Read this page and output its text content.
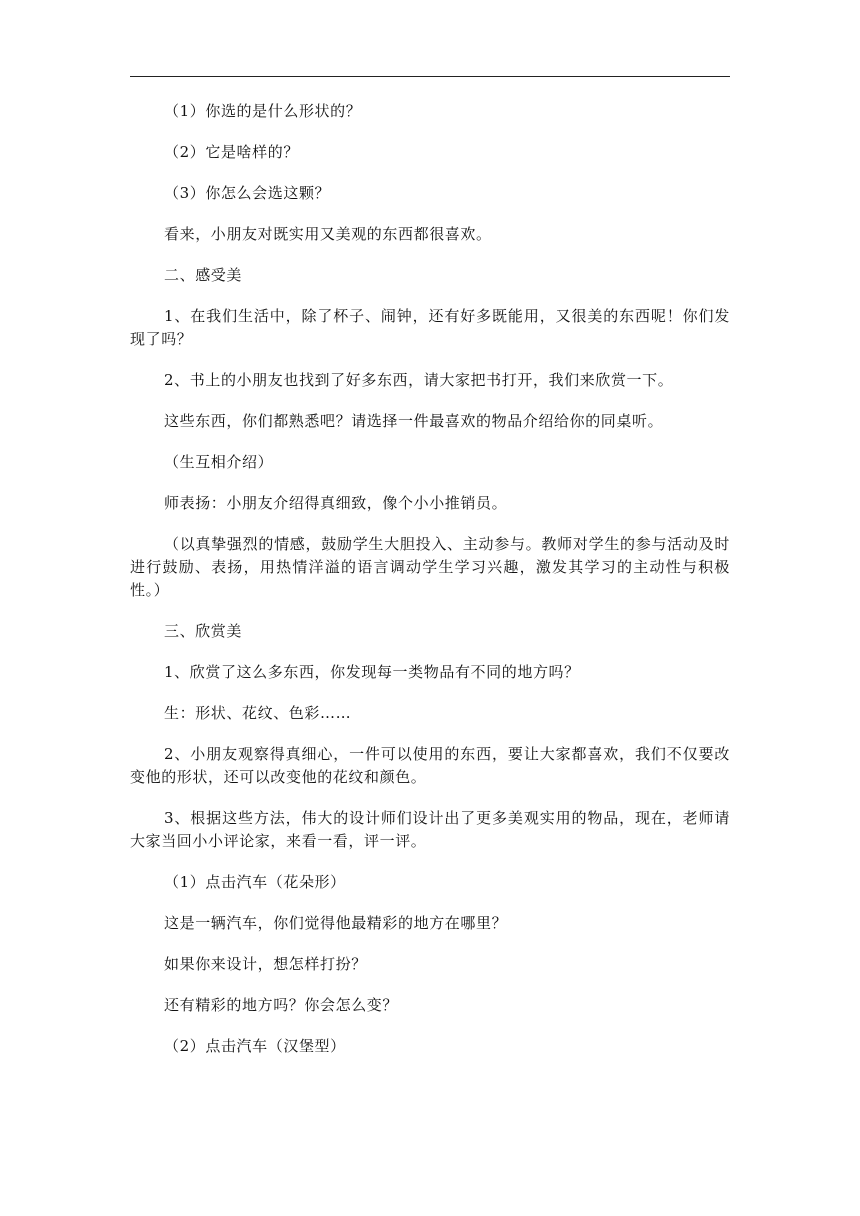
（1）你选的是什么形状的？

（2）它是啥样的？

（3）你怎么会选这颗？

看来，小朋友对既实用又美观的东西都很喜欢。

二、感受美

1、在我们生活中，除了杯子、闹钟，还有好多既能用，又很美的东西呢！你们发现了吗？

2、书上的小朋友也找到了好多东西，请大家把书打开，我们来欣赏一下。

这些东西，你们都熟悉吧？请选择一件最喜欢的物品介绍给你的同桌听。

（生互相介绍）

师表扬：小朋友介绍得真细致，像个小小推销员。

（以真挚强烈的情感，鼓励学生大胆投入、主动参与。教师对学生的参与活动及时进行鼓励、表扬，用热情洋溢的语言调动学生学习兴趣，激发其学习的主动性与积极性。）

三、欣赏美

1、欣赏了这么多东西，你发现每一类物品有不同的地方吗？

生：形状、花纹、色彩……

2、小朋友观察得真细心，一件可以使用的东西，要让大家都喜欢，我们不仅要改变他的形状，还可以改变他的花纹和颜色。

3、根据这些方法，伟大的设计师们设计出了更多美观实用的物品，现在，老师请大家当回小小评论家，来看一看，评一评。

（1）点击汽车（花朵形）

这是一辆汽车，你们觉得他最精彩的地方在哪里？

如果你来设计，想怎样打扮？

还有精彩的地方吗？你会怎么变？

（2）点击汽车（汉堡型）
